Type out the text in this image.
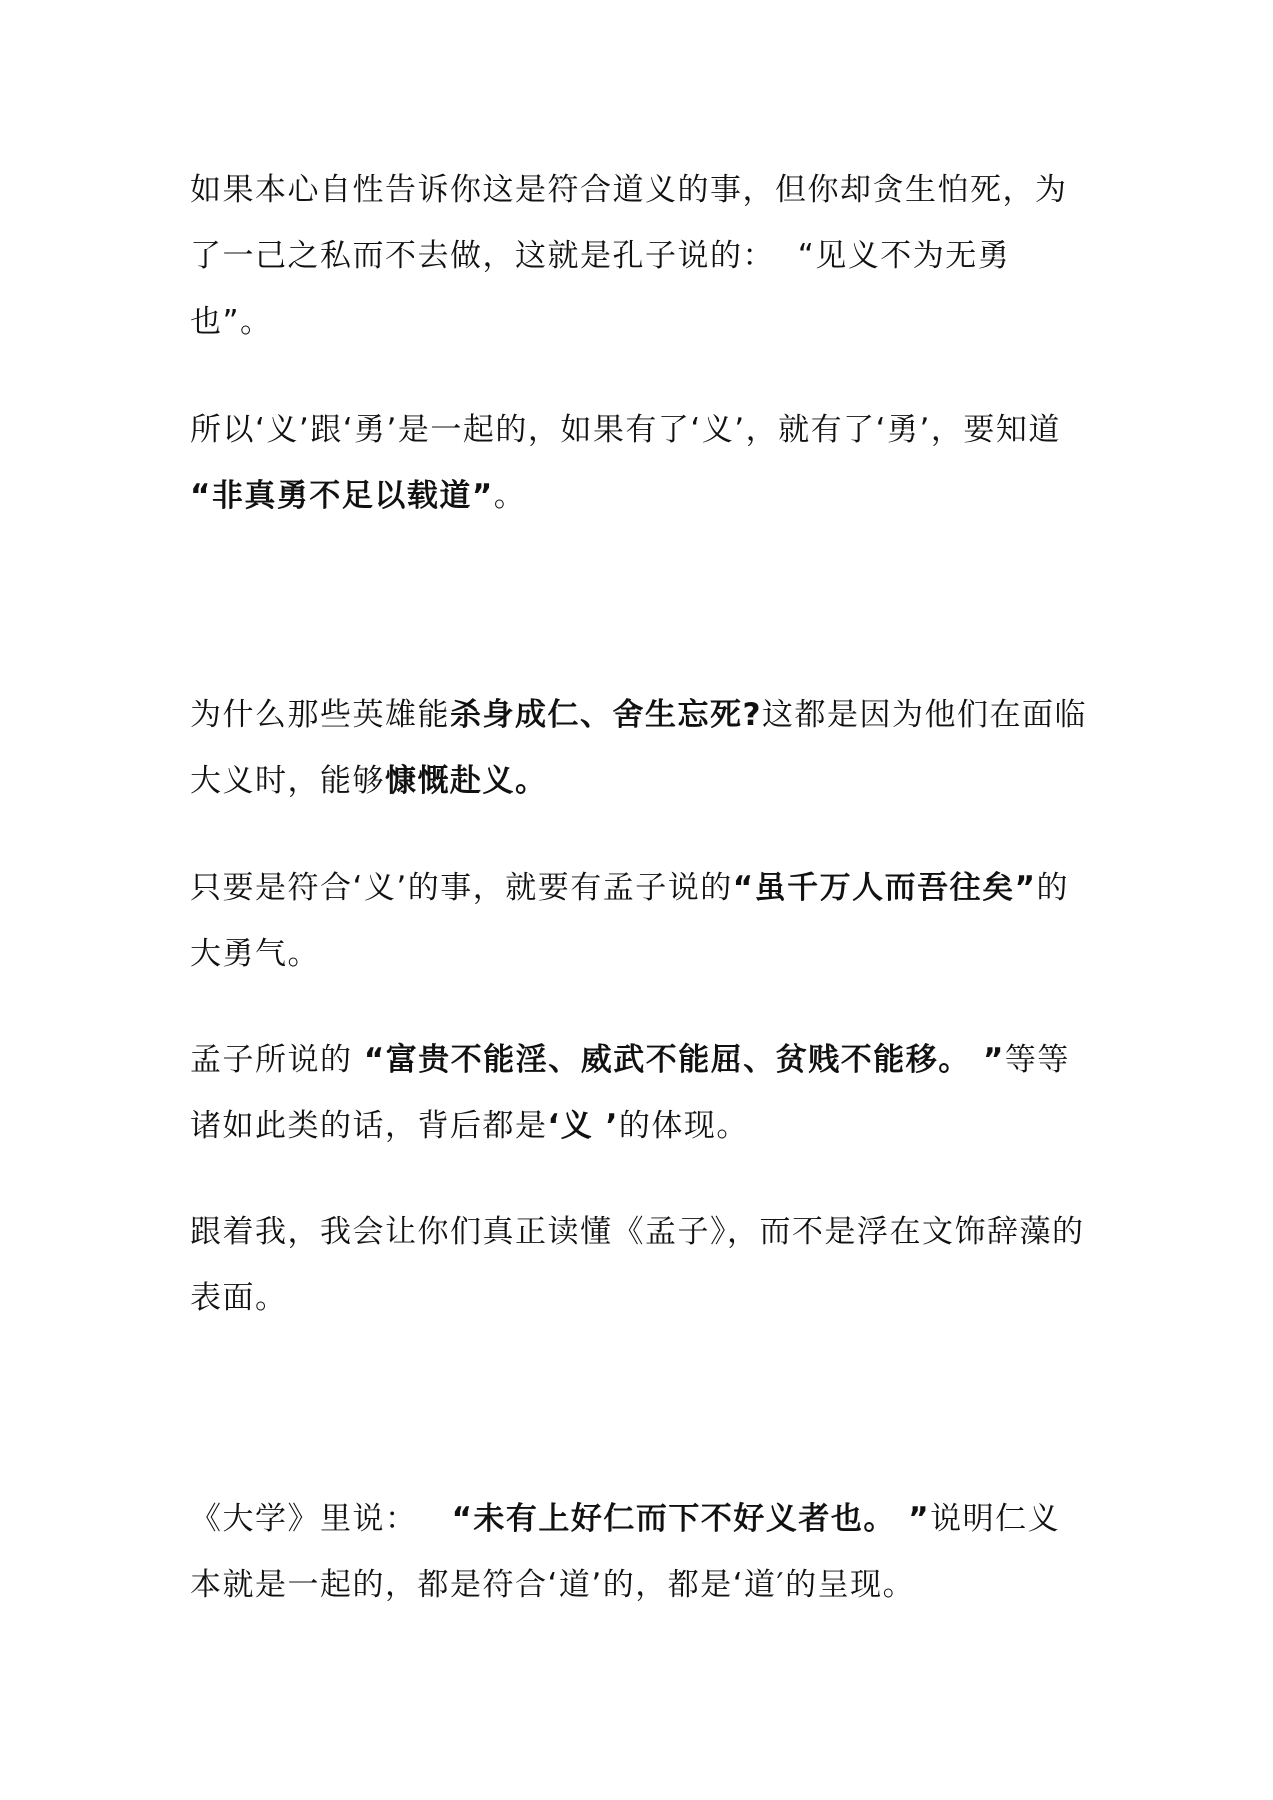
如果本心自性告诉你这是符合道义的事，但你却贪生怕死，为了一己之私而不去做，这就是孔子说的：  “见义不为无勇也”。

所以‘义’跟‘勇’是一起的，如果有了‘义’，就有了‘勇’，要知道 “非真勇不足以载道”。

为什么那些英雄能杀身成仁、舍生忘死?这都是因为他们在面临大义时，能够慷慨赴义。

只要是符合‘义’的事，就要有孟子说的“虽千万人而吾往矣”的大勇气。

孟子所说的 “富贵不能淫、威武不能屈、贫贱不能移。 ”等等诸如此类的话，背后都是‘义 ’的体现。

跟着我，我会让你们真正读懂《孟子》，而不是浮在文饰辞藻的表面。

《大学》里说：   “未有上好仁而下不好义者也。 ”说明仁义本就是一起的，都是符合‘道’的，都是‘道′的呈现。
